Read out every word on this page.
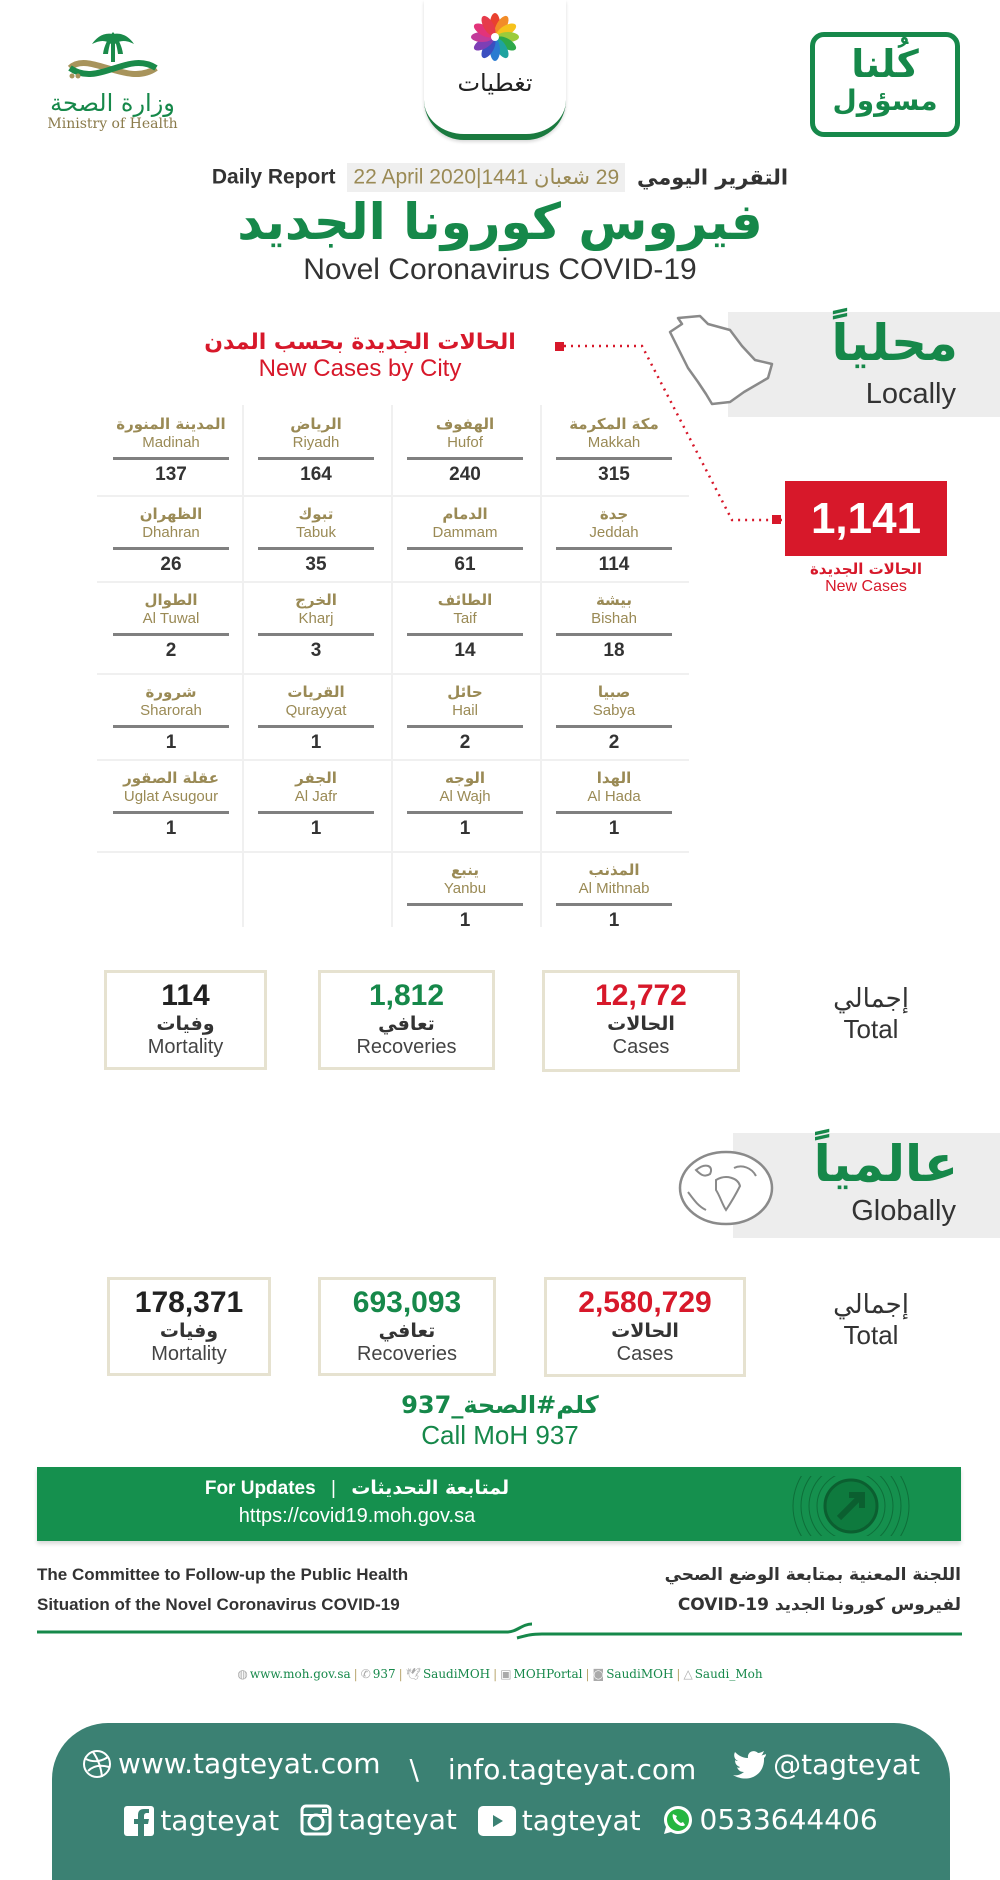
وزارة الصحة
Ministry of Health
تغطيات	كُلنا
مسؤول
Daily Report 22 April 2020|29 شعبان 1441 التقرير اليومي
فيروس كورونا الجديد
Novel Coronavirus COVID-19
محلياً
Locally
الحالات الجديدة بحسب المدن
New Cases by City
مكة المكرمة
Makkah
315
الهفوف
Hufof
240
الرياض
Riyadh
164
المدينة المنورة
Madinah
137
جدة
Jeddah
114
الدمام
Dammam
61
تبوك
Tabuk
35
الظهران
Dhahran
26
بيشة
Bishah
18
الطائف
Taif
14
الخرج
Kharj
3
الطوال
Al Tuwal
2
صبيا
Sabya
2
حائل
Hail
2
القريات
Qurayyat
1
شرورة
Sharorah
1
الهدا
Al Hada
1
الوجه
Al Wajh
1
الجفر
Al Jafr
1
عقلة الصقور
Uglat Asugour
1
المذنب
Al Mithnab
1
ينبع
Yanbu
1
1,141
الحالات الجديدة
New Cases
114
وفيات
Mortality
1,812
تعافي
Recoveries
12,772
الحالات
Cases
إجمالي
Total
عالمياً
Globally
178,371
وفيات
Mortality
693,093
تعافي
Recoveries
2,580,729
الحالات
Cases
إجمالي
Total
كلم#الصحة_937
Call MoH 937
For Updates | لمتابعة التحديثات
https://covid19.moh.gov.sa
The Committee to Follow-up the Public Health
Situation of the Novel Coronavirus COVID-19
اللجنة المعنية بمتابعة الوضع الصحي
لفيروس كورونا الجديد COVID-19
◍ www.moh.gov.sa | ✆ 937 | 🕊 SaudiMOH | ▣ MOHPortal | ◙ SaudiMOH | △ Saudi_Moh
www.tagteyat.com \ info.tagteyat.com
	@tagteyat
tagteyat
tagteyat
tagteyat
0533644406
